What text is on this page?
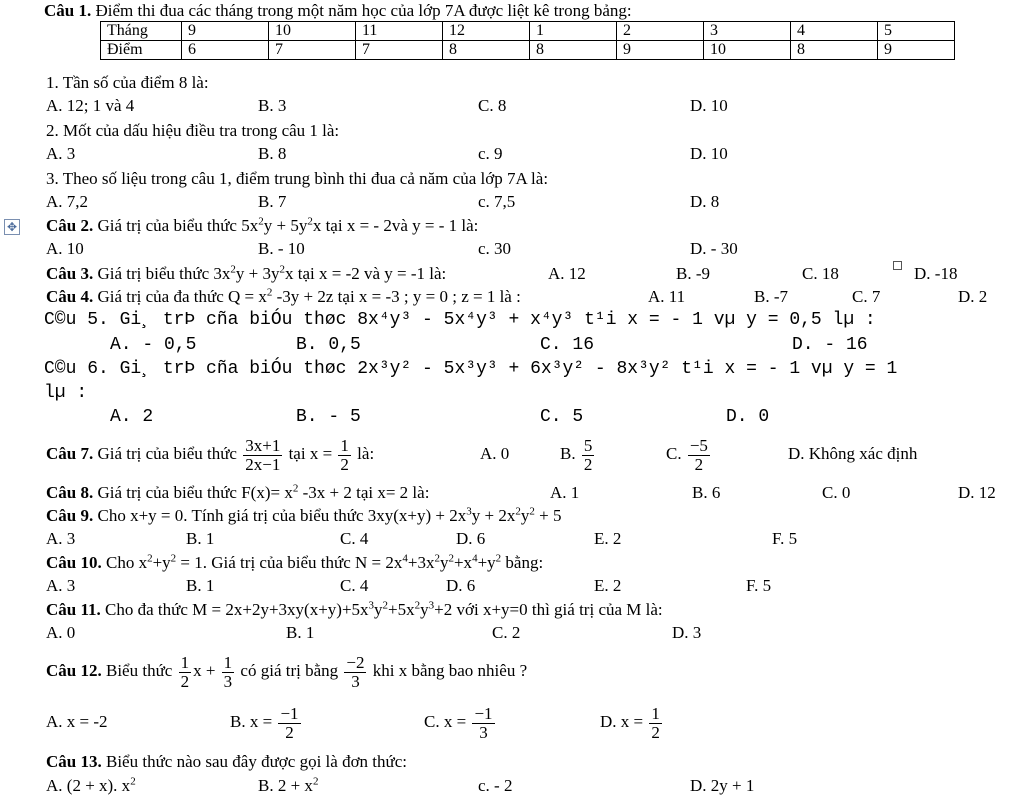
Câu 1. Điểm thi đua các tháng trong một năm học của lớp 7A được liệt kê trong bảng:
Tháng	9	10	11	12	1	2	3	4	5
Điểm	6	7	7	8	8	9	10	8	9
1. Tần số của điểm 8 là:
A. 12; 1 và 4	B. 3	C. 8	D. 10
2. Mốt của dấu hiệu điều tra trong câu 1 là:
A. 3	B. 8	c. 9	D. 10
3. Theo số liệu trong câu 1, điểm trung bình thi đua cả năm của lớp 7A là:
A. 7,2	B. 7	c. 7,5	D. 8
✥ Câu 2. Giá trị của biểu thức $5x^2y + 5y^2x$ tại x = - 2và y = - 1 là:
A. 10	B. - 10	c. 30	D. - 30
Câu 3. Giá trị biểu thức $3x^2y + 3y^2x$ tại x = -2 và y = -1 là:	A. 12	B. -9	C. 18	D. -18
Câu 4. Giá trị của đa thức $Q = x^2$ -3y + 2z tại x = -3 ; y = 0 ; z = 1 là :	A. 11	B. -7	C. 7	D. 2
C©u 5. Gi¸ trÞ cña biÓu thøc 8x⁴y³ - 5x⁴y³ + x⁴y³ t¹i x = - 1 vµ y = 0,5 lµ :
A. - 0,5	B. 0,5	C. 16	D. - 16
C©u 6. Gi¸ trÞ cña biÓu thøc 2x³y² - 5x³y³ + 6x³y² - 8x³y² t¹i x = - 1 vµ y = 1
lµ :
A. 2	B. - 5	C. 5	D. 0
Câu 7. Giá trị của biểu thức $\frac{3x+1}{2x-1}$ tại $x = \frac{1}{2}$ là:	A. 0	B. $\frac{5}{2}$	C. $\frac{-5}{2}$	D. Không xác định
Câu 8. Giá trị của biểu thức $F(x)= x^2$ -3x + 2 tại x= 2 là:	A. 1	B. 6	C. 0	D. 12
Câu 9. Cho x+y = 0. Tính giá trị của biểu thức $3xy(x+y) + 2x^3y + 2x^2y^2 + 5$
A. 3	B. 1	C. 4	D. 6	E. 2	F. 5
Câu 10. Cho $x^2+y^2 = 1$. Giá trị của biểu thức $N = 2x^4+3x^2y^2+x^4+y^2$ bằng:
A. 3	B. 1	C. 4	D. 6	E. 2	F. 5
Câu 11. Cho đa thức $M = 2x+2y+3xy(x+y)+5x^3y^2+5x^2y^3+2$ với x+y=0 thì giá trị của M là:
A. 0	B. 1	C. 2	D. 3
Câu 12. Biểu thức $\frac{1}{2}$ $x + \frac{1}{3}$ có giá trị bằng $\frac{-2}{3}$ khi x bằng bao nhiêu ?
A. x = -2	B. $x = \frac{-1}{2}$	C. $x = \frac{-1}{3}$	D. $x = \frac{1}{2}$
Câu 13. Biểu thức nào sau đây được gọi là đơn thức:
A. (2 + x). $x^2$	B. $2 + x^2$	c. - 2	D. 2y + 1
